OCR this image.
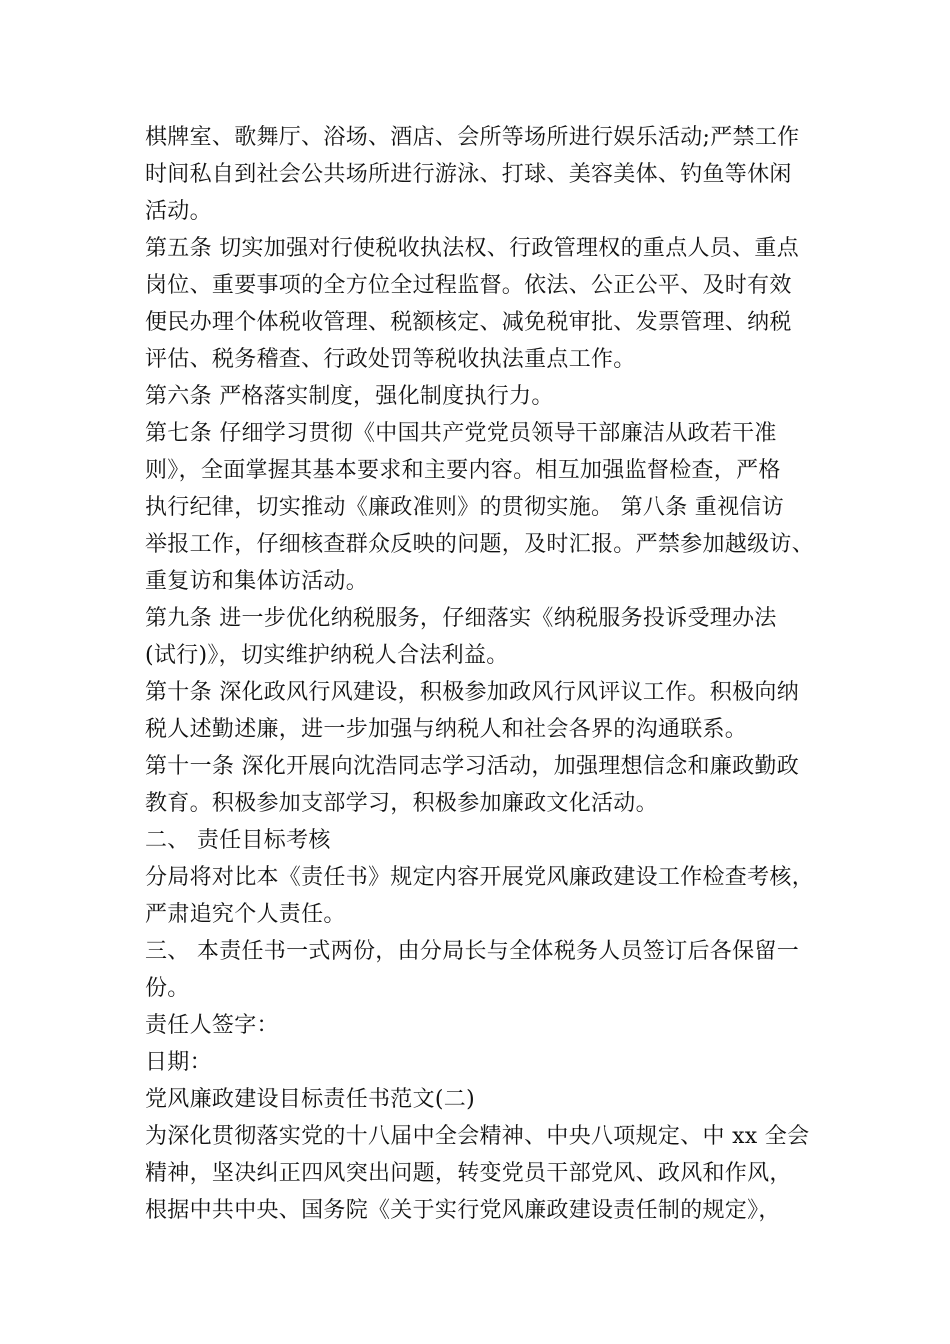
棋牌室、歌舞厅、浴场、酒店、会所等场所进行娱乐活动;严禁工作
时间私自到社会公共场所进行游泳、打球、美容美体、钓鱼等休闲
活动。
第五条 切实加强对行使税收执法权、行政管理权的重点人员、重点
岗位、重要事项的全方位全过程监督。依法、公正公平、及时有效
便民办理个体税收管理、税额核定、减免税审批、发票管理、纳税
评估、税务稽查、行政处罚等税收执法重点工作。
第六条 严格落实制度，强化制度执行力。
第七条 仔细学习贯彻《中国共产党党员领导干部廉洁从政若干准
则》，全面掌握其基本要求和主要内容。相互加强监督检查，严格
执行纪律，切实推动《廉政准则》的贯彻实施。 第八条 重视信访
举报工作，仔细核查群众反映的问题，及时汇报。严禁参加越级访、
重复访和集体访活动。
第九条 进一步优化纳税服务，仔细落实《纳税服务投诉受理办法
(试行)》，切实维护纳税人合法利益。
第十条 深化政风行风建设，积极参加政风行风评议工作。积极向纳
税人述勤述廉，进一步加强与纳税人和社会各界的沟通联系。
第十一条 深化开展向沈浩同志学习活动，加强理想信念和廉政勤政
教育。积极参加支部学习，积极参加廉政文化活动。
二、 责任目标考核
分局将对比本《责任书》规定内容开展党风廉政建设工作检查考核，
严肃追究个人责任。
三、 本责任书一式两份，由分局长与全体税务人员签订后各保留一
份。
责任人签字：
日期：
党风廉政建设目标责任书范文(二)
为深化贯彻落实党的十八届中全会精神、中央八项规定、中 xx 全会
精神，坚决纠正四风突出问题，转变党员干部党风、政风和作风，
根据中共中央、国务院《关于实行党风廉政建设责任制的规定》，
